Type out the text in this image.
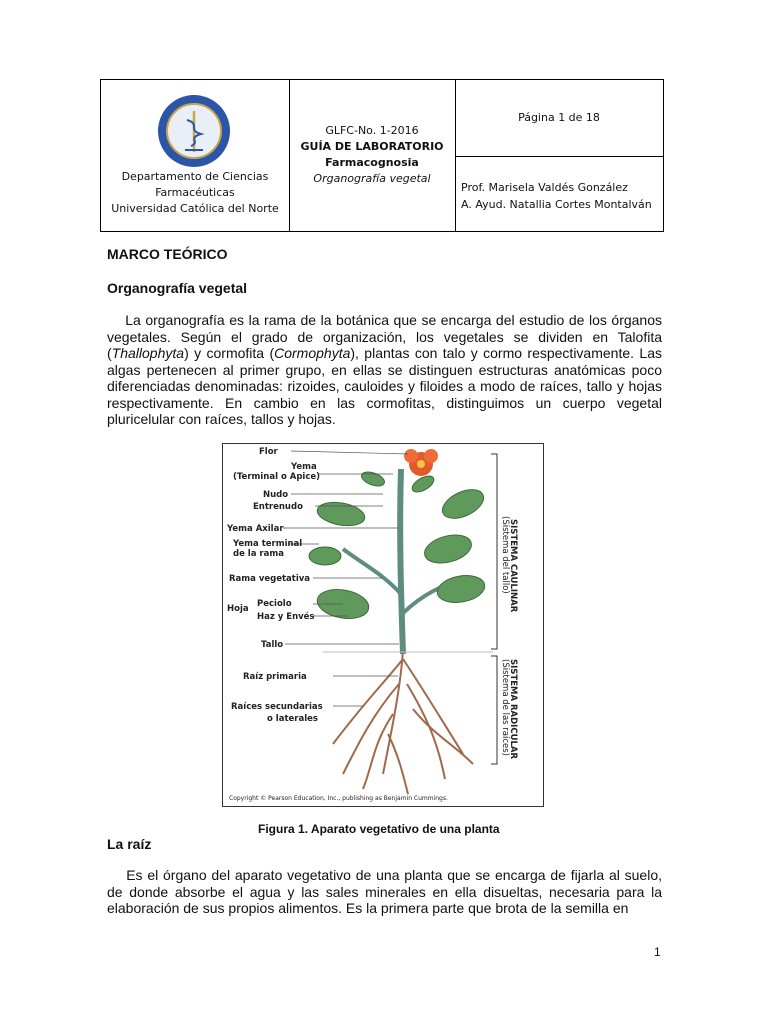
Departamento de Ciencias
Farmacéuticas
Universidad Católica del Norte
GLFC-No. 1-2016
GUÍA DE LABORATORIO
Farmacognosia
Organografía vegetal
Página 1 de 18
Prof. Marisela Valdés González
A. Ayud. Natallia Cortes Montalván
MARCO TEÓRICO
Organografía vegetal

La organografía es la rama de la botánica que se encarga del estudio de los órganos vegetales. Según el grado de organización, los vegetales se dividen en Talofita (Thallophyta) y cormofita (Cormophyta), plantas con talo y cormo respectivamente. Las algas pertenecen al primer grupo, en ellas se distinguen estructuras anatómicas poco diferenciadas denominadas: rizoides, cauloides y filoides a modo de raíces, tallo y hojas respectivamente. En cambio en las cormofitas, distinguimos un cuerpo vegetal pluricelular con raíces, tallos y hojas.

Flor
Yema
(Terminal o Apice)
Nudo
Entrenudo
Yema Axilar
Yema terminal
de la rama
Rama vegetativa
Hoja Peciolo
Haz y Envés
Tallo
Raíz primaria
Raíces secundarias
o laterales
SISTEMA CAULINAR
(Sistema del tallo)
SISTEMA RADICULAR
(Sistema de las raíces)
Copyright © Pearson Education, Inc., publishing as Benjamin Cummings.
Figura 1. Aparato vegetativo de una planta
La raíz

Es el órgano del aparato vegetativo de una planta que se encarga de fijarla al suelo, de donde absorbe el agua y las sales minerales en ella disueltas, necesaria para la elaboración de sus propios alimentos. Es la primera parte que brota de la semilla en

1
